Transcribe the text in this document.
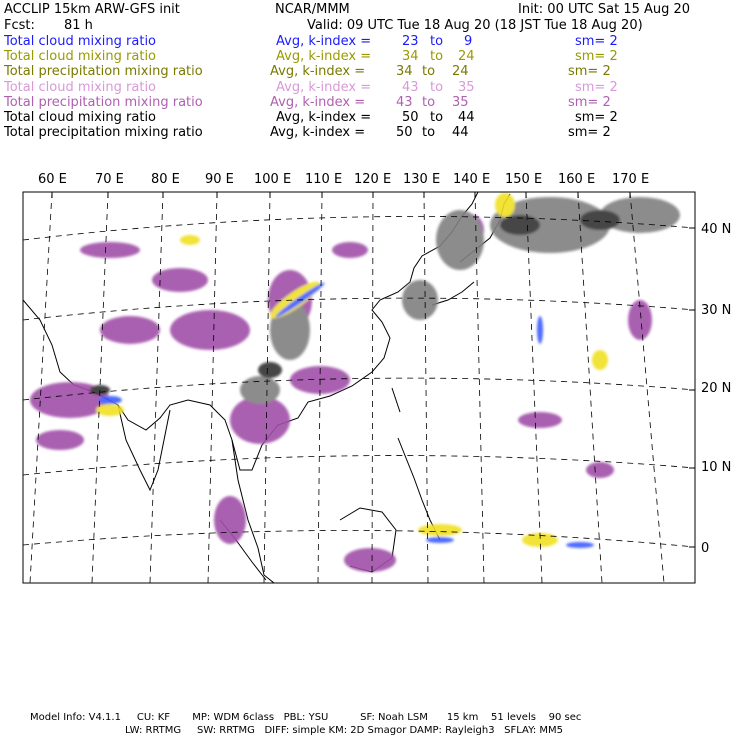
ACCLIP 15km ARW-GFS init	NCAR/MMM	Init: 00 UTC Sat 15 Aug 20
Fcst: 81 h	Valid: 09 UTC Tue 18 Aug 20 (18 JST Tue 18 Aug 20)
Total cloud mixing ratio	Avg, k-index = 23 to 9	sm= 2
Total cloud mixing ratio	Avg, k-index = 34 to 24	sm= 2
Total precipitation mixing ratio	Avg, k-index = 34 to 24	sm= 2
Total cloud mixing ratio	Avg, k-index = 43 to 35	sm= 2
Total precipitation mixing ratio	Avg, k-index = 43 to 35	sm= 2
Total cloud mixing ratio	Avg, k-index = 50 to 44	sm= 2
Total precipitation mixing ratio	Avg, k-index = 50 to 44	sm= 2
60 E 70 E 80 E 90 E 100 E 110 E 120 E 130 E 140 E 150 E 160 E 170 E
40 N
30 N
20 N
10 N
0
Model Info: V4.1.1     CU: KF       MP: WDM 6class   PBL: YSU          SF: Noah LSM      15 km    51 levels    90 sec
LW: RRTMG     SW: RRTMG   DIFF: simple KM: 2D Smagor DAMP: Rayleigh3   SFLAY: MM5
